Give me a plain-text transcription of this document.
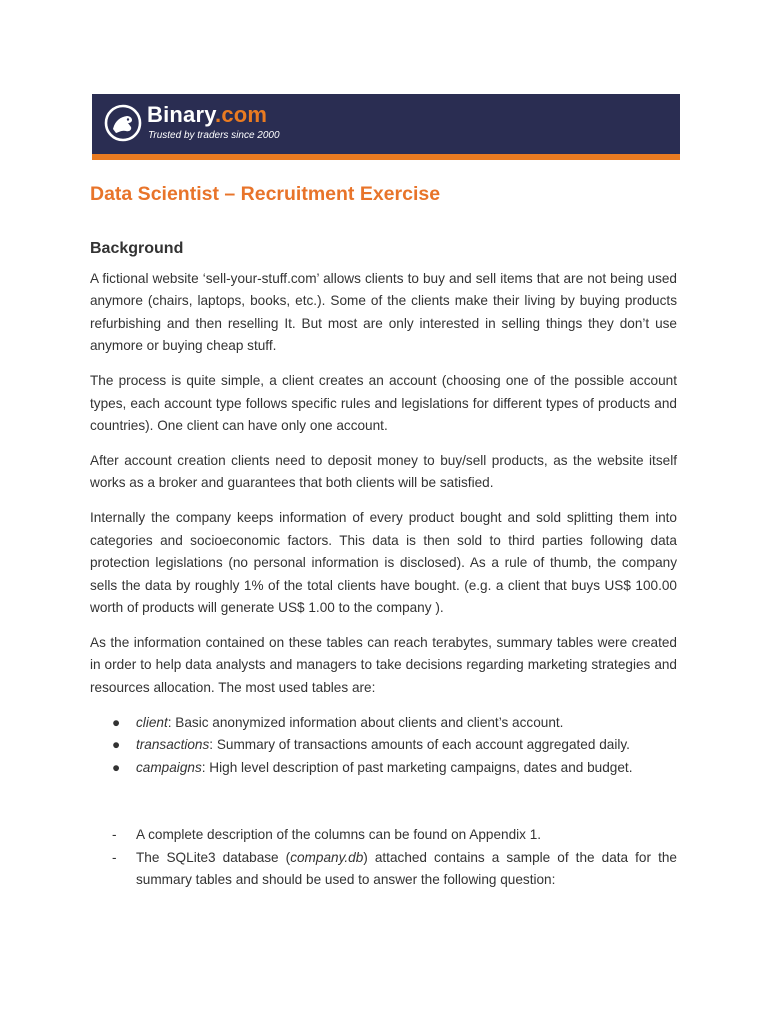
Binary.com
Trusted by traders since 2000
Data Scientist – Recruitment Exercise
Background

A fictional website ‘sell-your-stuff.com’ allows clients to buy and sell items that are not being used anymore (chairs, laptops, books, etc.). Some of the clients make their living by buying products refurbishing and then reselling It. But most are only interested in selling things they don’t use anymore or buying cheap stuff.

The process is quite simple, a client creates an account (choosing one of the possible account types, each account type follows specific rules and legislations for different types of products and countries). One client can have only one account.

After account creation clients need to deposit money to buy/sell products, as the website itself works as a broker and guarantees that both clients will be satisfied.

Internally the company keeps information of every product bought and sold splitting them into categories and socioeconomic factors. This data is then sold to third parties following data protection legislations (no personal information is disclosed). As a rule of thumb, the company sells the data by roughly 1% of the total clients have bought. (e.g. a client that buys US$ 100.00 worth of products will generate US$ 1.00 to the company ).

As the information contained on these tables can reach terabytes, summary tables were created in order to help data analysts and managers to take decisions regarding marketing strategies and resources allocation. The most used tables are:

● client: Basic anonymized information about clients and client’s account.
● transactions: Summary of transactions amounts of each account aggregated daily.
● campaigns: High level description of past marketing campaigns, dates and budget.
- A complete description of the columns can be found on Appendix 1.
- The SQLite3 database (company.db) attached contains a sample of the data for the summary tables and should be used to answer the following question:
